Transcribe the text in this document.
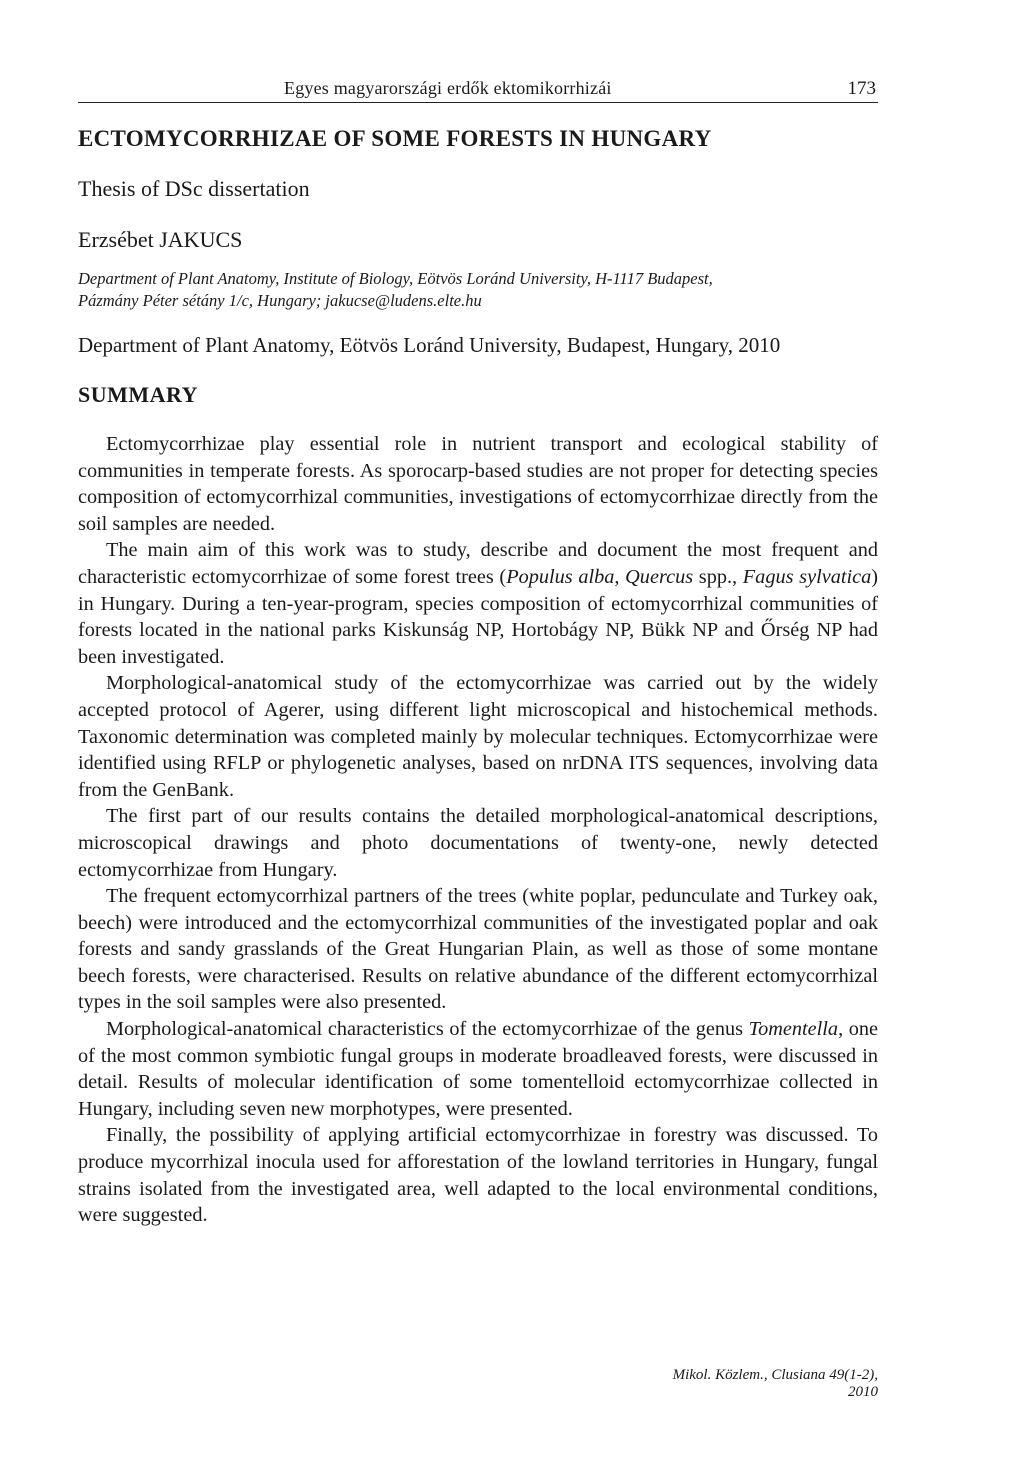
Egyes magyarországi erdők ektomikorrhizái	173
ECTOMYCORRHIZAE OF SOME FORESTS IN HUNGARY
Thesis of DSc dissertation
Erzsébet JAKUCS
Department of Plant Anatomy, Institute of Biology, Eötvös Loránd University, H-1117 Budapest,
Pázmány Péter sétány 1/c, Hungary; jakucse@ludens.elte.hu
Department of Plant Anatomy, Eötvös Loránd University, Budapest, Hungary, 2010
SUMMARY

Ectomycorrhizae play essential role in nutrient transport and ecological stability of communities in temperate forests. As sporocarp-based studies are not proper for detecting species composition of ectomycorrhizal communities, investigations of ectomycorrhizae directly from the soil samples are needed.

The main aim of this work was to study, describe and document the most frequent and characteristic ectomycorrhizae of some forest trees (Populus alba, Quercus spp., Fagus sylvatica) in Hungary. During a ten-year-program, species composition of ectomycorrhizal communities of forests located in the national parks Kiskunság NP, Hortobágy NP, Bükk NP and Őrség NP had been investigated.

Morphological-anatomical study of the ectomycorrhizae was carried out by the widely accepted protocol of Agerer, using different light microscopical and histochemical methods. Taxonomic determination was completed mainly by molecular techniques. Ectomycorrhizae were identified using RFLP or phylogenetic analyses, based on nrDNA ITS sequences, involving data from the GenBank.

The first part of our results contains the detailed morphological-anatomical descriptions, microscopical drawings and photo documentations of twenty-one, newly detected ectomycorrhizae from Hungary.

The frequent ectomycorrhizal partners of the trees (white poplar, pedunculate and Turkey oak, beech) were introduced and the ectomycorrhizal communities of the investigated poplar and oak forests and sandy grasslands of the Great Hungarian Plain, as well as those of some montane beech forests, were characterised. Results on relative abundance of the different ectomycorrhizal types in the soil samples were also presented.

Morphological-anatomical characteristics of the ectomycorrhizae of the genus Tomentella, one of the most common symbiotic fungal groups in moderate broadleaved forests, were discussed in detail. Results of molecular identification of some tomentelloid ectomycorrhizae collected in Hungary, including seven new morphotypes, were presented.

Finally, the possibility of applying artificial ectomycorrhizae in forestry was discussed. To produce mycorrhizal inocula used for afforestation of the lowland territories in Hungary, fungal strains isolated from the investigated area, well adapted to the local environmental conditions, were suggested.

Mikol. Közlem., Clusiana 49(1-2), 2010
